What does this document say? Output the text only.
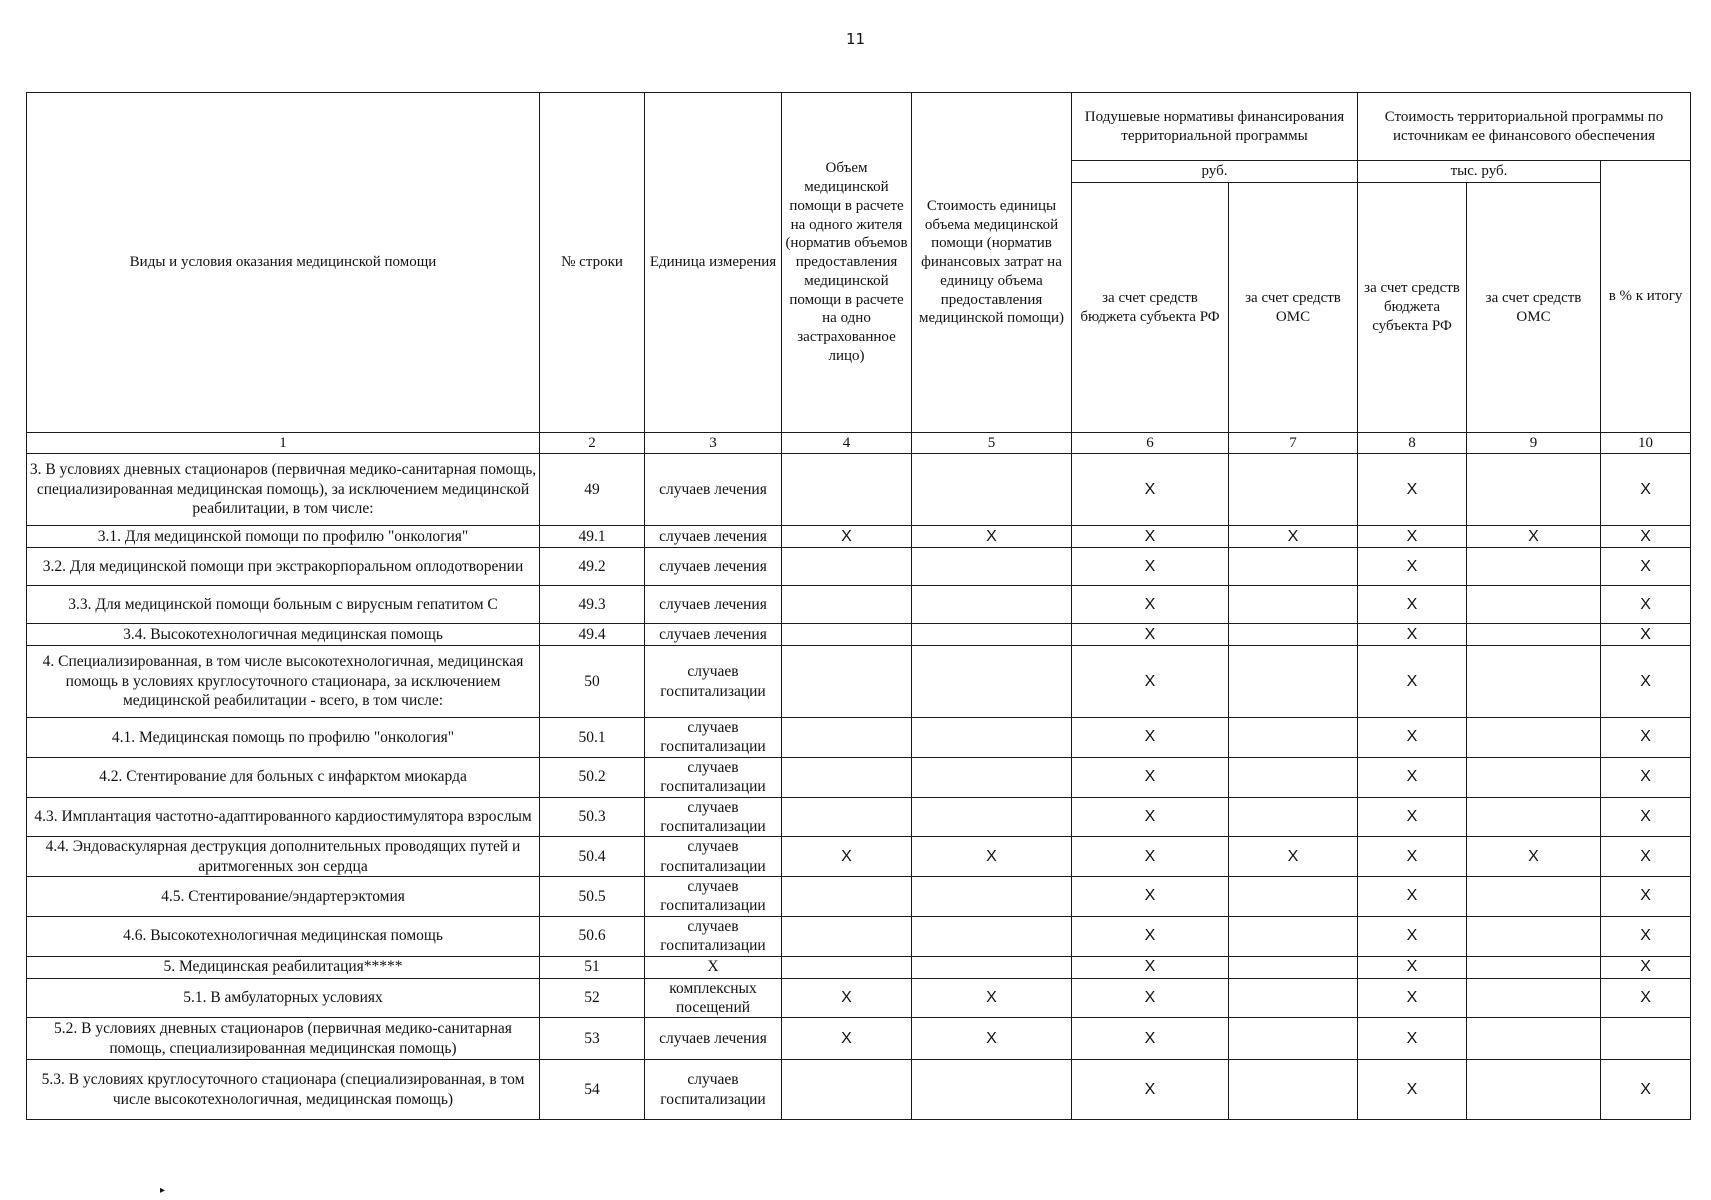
11
Виды и условия оказания медицинской помощи	№ строки	Единица измерения	Объем медицинской помощи в расчете на одного жителя (норматив объемов предоставления медицинской помощи в расчете на одно застрахованное лицо)	Стоимость единицы объема медицинской помощи (норматив финансовых затрат на единицу объема предоставления медицинской помощи)	Подушевые нормативы финансирования территориальной программы		Стоимость территориальной программы по источникам ее финансового обеспечения		
					руб.		тыс. руб.		в % к итогу
					за счет средств бюджета субъекта РФ	за счет средств ОМС	за счет средств бюджета субъекта РФ	за счет средств ОМС	
1	2	3	4	5	6	7	8	9	10
3. В условиях дневных стационаров (первичная медико-санитарная помощь, специализированная медицинская помощь), за исключением медицинской реабилитации, в том числе:	49	случаев лечения			X		X		X
3.1. Для медицинской помощи по профилю "онкология"	49.1	случаев лечения	X	X	X	X	X	X	X
3.2. Для медицинской помощи при экстракорпоральном оплодотворении	49.2	случаев лечения			X		X		X
3.3. Для медицинской помощи больным с вирусным гепатитом С	49.3	случаев лечения			X		X		X
3.4. Высокотехнологичная медицинская помощь	49.4	случаев лечения			X		X		X
4. Специализированная, в том числе высокотехнологичная, медицинская помощь в условиях круглосуточного стационара, за исключением медицинской реабилитации - всего, в том числе:	50	случаев госпитализации			X		X		X
4.1. Медицинская помощь по профилю "онкология"	50.1	случаев госпитализации			X		X		X
4.2. Стентирование для больных с инфарктом миокарда	50.2	случаев госпитализации			X		X		X
4.3. Имплантация частотно-адаптированного кардиостимулятора взрослым	50.3	случаев госпитализации			X		X		X
4.4. Эндоваскулярная деструкция дополнительных проводящих путей и аритмогенных зон сердца	50.4	случаев госпитализации	X	X	X	X	X	X	X
4.5. Стентирование/эндартерэктомия	50.5	случаев госпитализации			X		X		X
4.6. Высокотехнологичная медицинская помощь	50.6	случаев госпитализации			X		X		X
5. Медицинская реабилитация*****	51	X			X		X		X
5.1. В амбулаторных условиях	52	комплексных посещений	X	X	X		X		X
5.2. В условиях дневных стационаров (первичная медико-санитарная помощь, специализированная медицинская помощь)	53	случаев лечения	X	X	X		X		
5.3. В условиях круглосуточного стационара (специализированная, в том числе высокотехнологичная, медицинская помощь)	54	случаев госпитализации			X		X		X
▸
